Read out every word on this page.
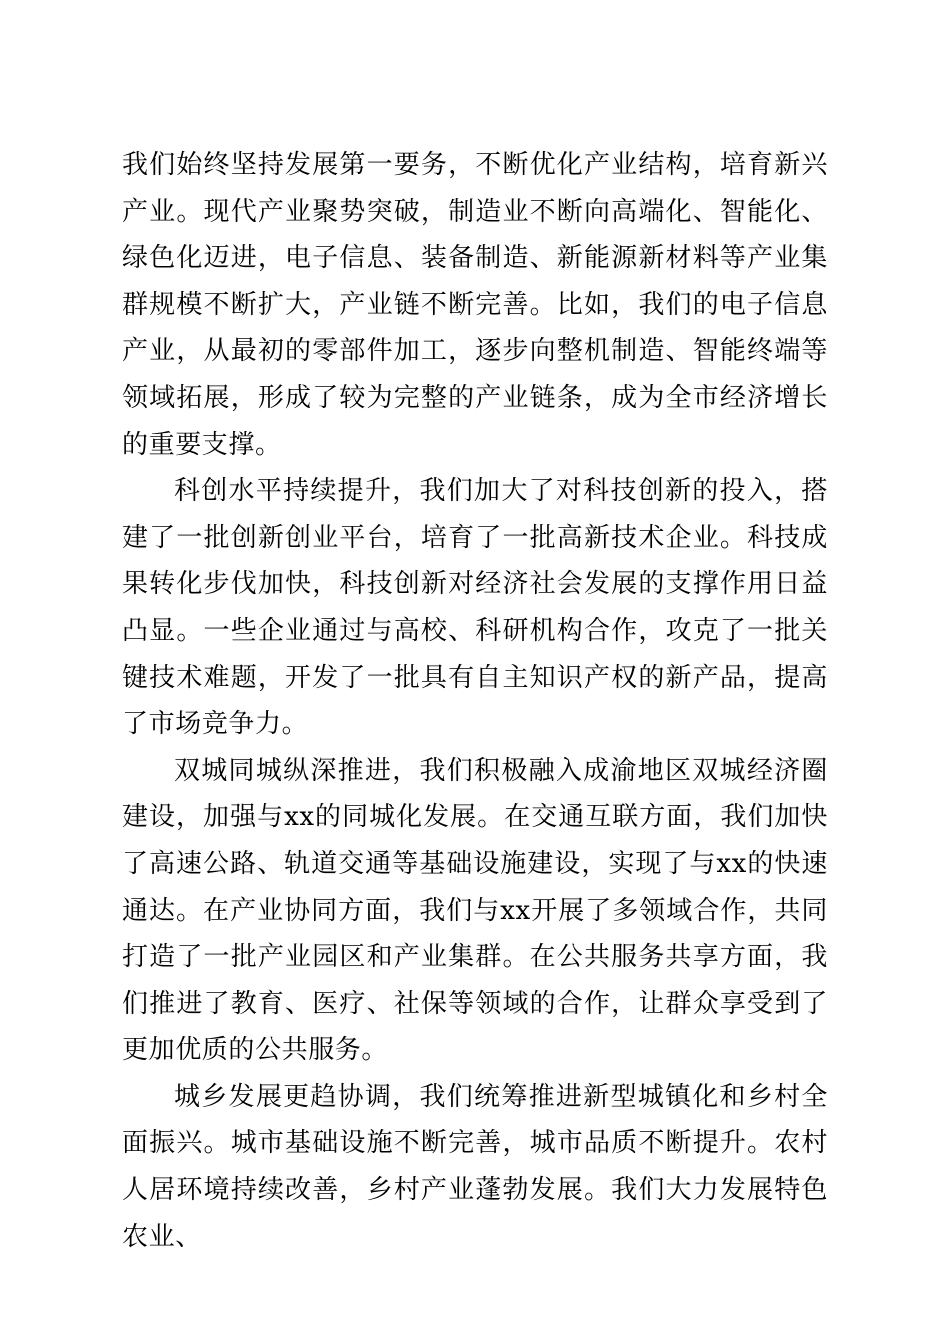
我们始终坚持发展第一要务，不断优化产业结构，培育新兴产业。现代产业聚势突破，制造业不断向高端化、智能化、绿色化迈进，电子信息、装备制造、新能源新材料等产业集群规模不断扩大，产业链不断完善。比如，我们的电子信息产业，从最初的零部件加工，逐步向整机制造、智能终端等领域拓展，形成了较为完整的产业链条，成为全市经济增长的重要支撑。

科创水平持续提升，我们加大了对科技创新的投入，搭建了一批创新创业平台，培育了一批高新技术企业。科技成果转化步伐加快，科技创新对经济社会发展的支撑作用日益凸显。一些企业通过与高校、科研机构合作，攻克了一批关键技术难题，开发了一批具有自主知识产权的新产品，提高了市场竞争力。

双城同城纵深推进，我们积极融入成渝地区双城经济圈建设，加强与xx的同城化发展。在交通互联方面，我们加快了高速公路、轨道交通等基础设施建设，实现了与xx的快速通达。在产业协同方面，我们与xx开展了多领域合作，共同打造了一批产业园区和产业集群。在公共服务共享方面，我们推进了教育、医疗、社保等领域的合作，让群众享受到了更加优质的公共服务。

城乡发展更趋协调，我们统筹推进新型城镇化和乡村全面振兴。城市基础设施不断完善，城市品质不断提升。农村人居环境持续改善，乡村产业蓬勃发展。我们大力发展特色农业、
